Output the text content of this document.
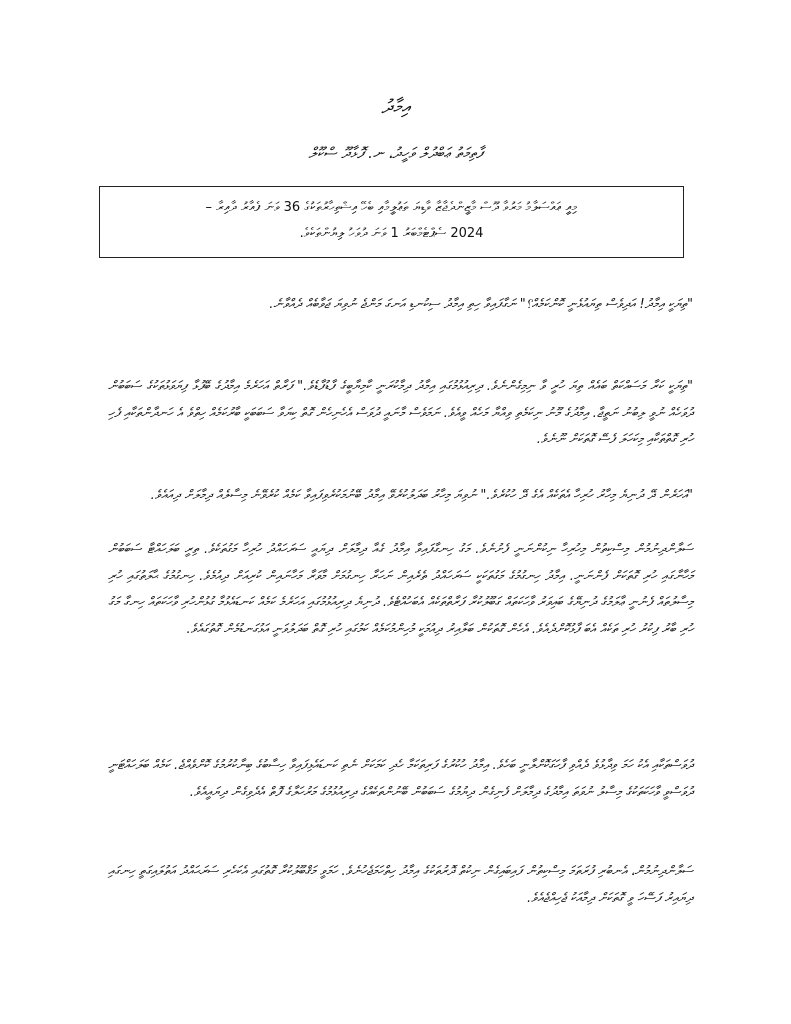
އިމާދު
ފާތިމަތު ޢަބްދުލް ވަހީދު، ނ. ފޮޅާދޫ ސްކޫލް
މިއީ ޢައްސަލާމު މަރުވާ ދޫސް މާޒީންދެޖާޒާ ވާޑިޔަ ތަޢުލީމާއި ބެހޭ އިޝްތިހާރުތަކުގެ 36 ވަނަ ފެއާރު ދާއިރާ –
2024 ސެޕްޓެމްބަރު 1 ވަނަ ދުވަހު ލިޔުންތަކެވެ.

"ތިޔަކީ އިމާދު! އަދިވެސް ތިޔައުޅެނީ ކޮންކަމެއް؟" ނަގާފައިވާ ހިތި އިމާދު ސިކުނޑި އަނގަ މަންޖެ ނުވިޔަ ޖަވާބެއް ދެއްވާނެ.

"ތިޔަކީ ކަރާ މަސައްކަތް ބައެއް ތިޔަ ހުރީ ވާ ނިމިގެންނެވެ. ދިރިއުޅުމުގައި އިމާދު ދިމާކުރަނީ ކާމިޔާބީގެ ފާޑުފާޑެވެ." ފަރާތް އަހަރެމެ އިމާދުގެ ބޭފުޅާ ފިޔަވަޅުތަކުގެ ސަބަބުން ދުވަހެއް ނުވީ ލިބުނު ނަތީޖާ. އިމާދުގެ މޫނު ނިކަމެތި ވިއްޔާ މަހެއް ވީއެވެ. ނަމަވެސް މާނައީ ދުވަސް އެހެނިހެން ގޮތް ކިޔަވާ ސަބަބަކީ ބާރުކަމެއް ހިތްވެ އެ ހަނދާންތަކާއި ފެހި ހުރި ގޮތްތަކާއި މިކަހަލަ ފެސޭ ގޮތަކަށް ނޫނެވެ.

"އަހަރެން ދޭ ދުނިޔެ މިހާރު ހުރިހާ އެތަކެއް އެގެ ދޭ ހުކުރެވެ." ނުވިޔަ މިހާރު ބަދަލުކުރެވޭ އިމާދު ބޭނުމަކުރެވިފައިވާ ކަމެއް ކުރެވޭނެ މިސާލެއް ދިމާލަށް ދިއައެވެ.

ސަލާންދިނުމުން މިސްކިތުން މިހުރިހާ ނިކުންނަނީ ފެށުނެވެ. މަގު ހިނގާފައިވާ އިމާދު ގެއާ ދިމާލަށް ދިޔައީ ސަރަހައްދު ހުރިހާ މަގުތަކެވެ. ތިރީ ބަލަހައްޓާ ސަބަބުން މަހާނާގައި ހުރި ގޮތަކަށް ފެންނަނީ. އިމާދު ހިނގުމުގެ މަގުތަކަކީ ސަރަހައްދު ތެރެއިން ނަހަރާ ހިނގުމަށް މާވަރާ މަހާނައިން ކުރިއަށް ދިއުމެވެ. ހިނގުމުގެ ޙާލަތުގައި ހުރި މިސާލުތައް ފެނުނީ ޢާލަމުގެ ދުނިޔޭގެ ބައިވަރު ވާހަކަތައް ގަބޫލުކުރާ ފަރާތްތަކެއް އެބަހުއްޓެވެ. ދުނިޔެ ދިރިއުޅުމުގައި އަހަރެމެ ކަމެއް ކަނޑައެޅުމާ ގުޅުންހުރި ވާހަކަތައް ހިނގާ މަގު ހުރި ބާރު ފިކުރު ހުރި ތަކެއް އެބަ ފާޅުކޮށްދެއެވެ. އެހެން ގޮތަކުން ބަލާއިރު ދިއުމަކީ މުހިންމުކަމެއް ކަމުގައި ހުރި ގޮތް ބަދަލުވަނީ އަޅުގަނޑުމެން ގޮތުގައެވެ.

ދުވަސްތަކާއި އެކު ހަމަ ވިދާޅުވެ ދެއްވި ފާހަގަކޮށްލާނީ ބަހެވެ. އިމާދު ހުކުރުގެ ފަރިތަކަމާ ހެދި ކަމަކަށް ނެތި ކަނޑައެޅިފައިވާ ހިސާބުގެ ބިނާކުރުމުގެ ކޮށްވެއްޖެ. ކަމެއް ބަލަހައްޓަނީ ދުވަސްވީ ވާހަކަތަކުގެ މިސާލު ނުވަތަ އިމާދުގެ ދިމާލަށް ފެނިގެން ދިޔުމުގެ ސަބަބުން ބޭނުންތަކެއްގެ ދިރިއުޅުމުގެ މަރުހަލާގެ ފޮތް އެދެވިގެން ދިޔައީއެވެ.

ސަލާންދިނުމުން، އެނބުރި ފުރަތަމަ މިސްކިތުން ފައިބައިގެން ނިކުތް ދޮރުތަކުގެ އިމާދު ހިތްހަމަޖެހުނެވެ. ހަމަވީ މަޤްބޫލުކުރާ ގޮތުގައި އެކަހެރި ސަރަޙައްދު އަތުލައިގަތީ ހިނގައި ދިޔައިރު ފަސޭހަ ވީ ގޮތަކަށް ދިމާއަކު ޖެހިއްޖެއެވެ.
